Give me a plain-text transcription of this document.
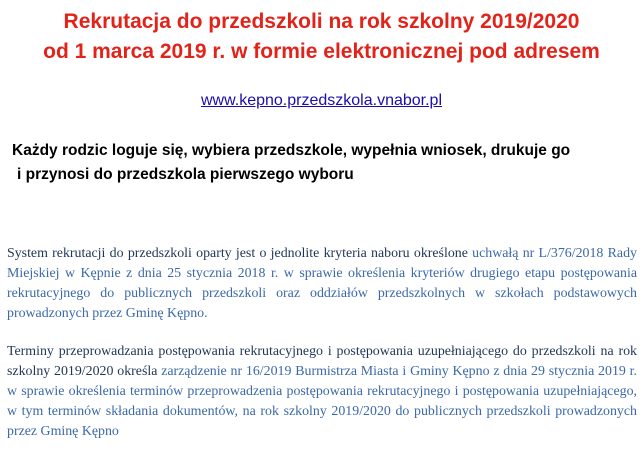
Rekrutacja do przedszkoli na rok szkolny 2019/2020
od 1 marca 2019 r. w formie elektronicznej pod adresem
www.kepno.przedszkola.vnabor.pl
Każdy rodzic loguje się, wybiera przedszkole, wypełnia wniosek, drukuje go
i przynosi do przedszkola pierwszego wyboru
System rekrutacji do przedszkoli oparty jest o jednolite kryteria naboru określone uchwałą nr L/376/2018 Rady Miejskiej w Kępnie z dnia 25 stycznia 2018 r. w sprawie określenia kryteriów drugiego etapu postępowania rekrutacyjnego do publicznych przedszkoli oraz oddziałów przedszkolnych w szkołach podstawowych prowadzonych przez Gminę Kępno.
Terminy przeprowadzania postępowania rekrutacyjnego i postępowania uzupełniającego do przedszkoli na rok szkolny 2019/2020 określa zarządzenie nr 16/2019 Burmistrza Miasta i Gminy Kępno z dnia 29 stycznia 2019 r. w sprawie określenia terminów przeprowadzenia postępowania rekrutacyjnego i postępowania uzupełniającego, w tym terminów składania dokumentów, na rok szkolny 2019/2020 do publicznych przedszkoli prowadzonych przez Gminę Kępno
